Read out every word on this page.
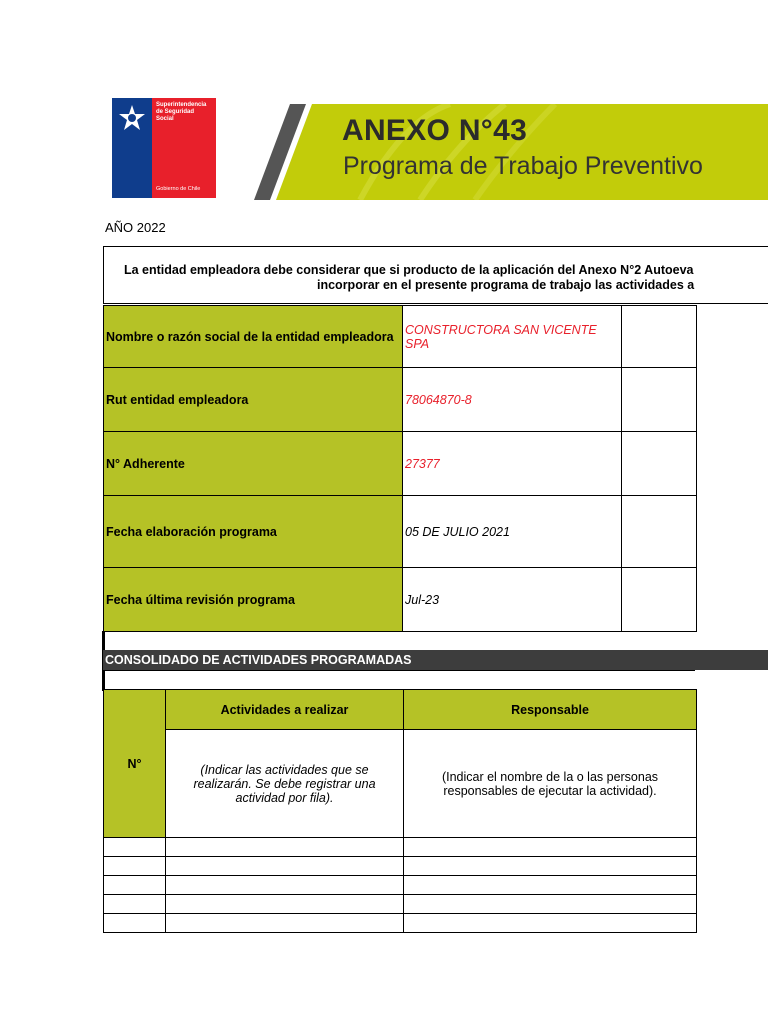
Superintendencia
de Seguridad
Social
Gobierno de Chile
ANEXO N°43
Programa de Trabajo Preventivo
AÑO 2022
La entidad empleadora debe considerar que si producto de la aplicación del Anexo N°2 Autoeva
incorporar en el presente programa de trabajo las actividades a
Nombre o razón social de la entidad empleadora	CONSTRUCTORA SAN VICENTE SPA	
Rut entidad empleadora	78064870-8	
N° Adherente	27377	
Fecha elaboración programa	05 DE JULIO 2021	
Fecha última revisión programa	Jul-23	
CONSOLIDADO DE ACTIVIDADES PROGRAMADAS
N°	Actividades a realizar	Responsable
	(Indicar las actividades que se realizarán. Se debe registrar una actividad por fila).	(Indicar el nombre de la o las personas responsables de ejecutar la actividad).
